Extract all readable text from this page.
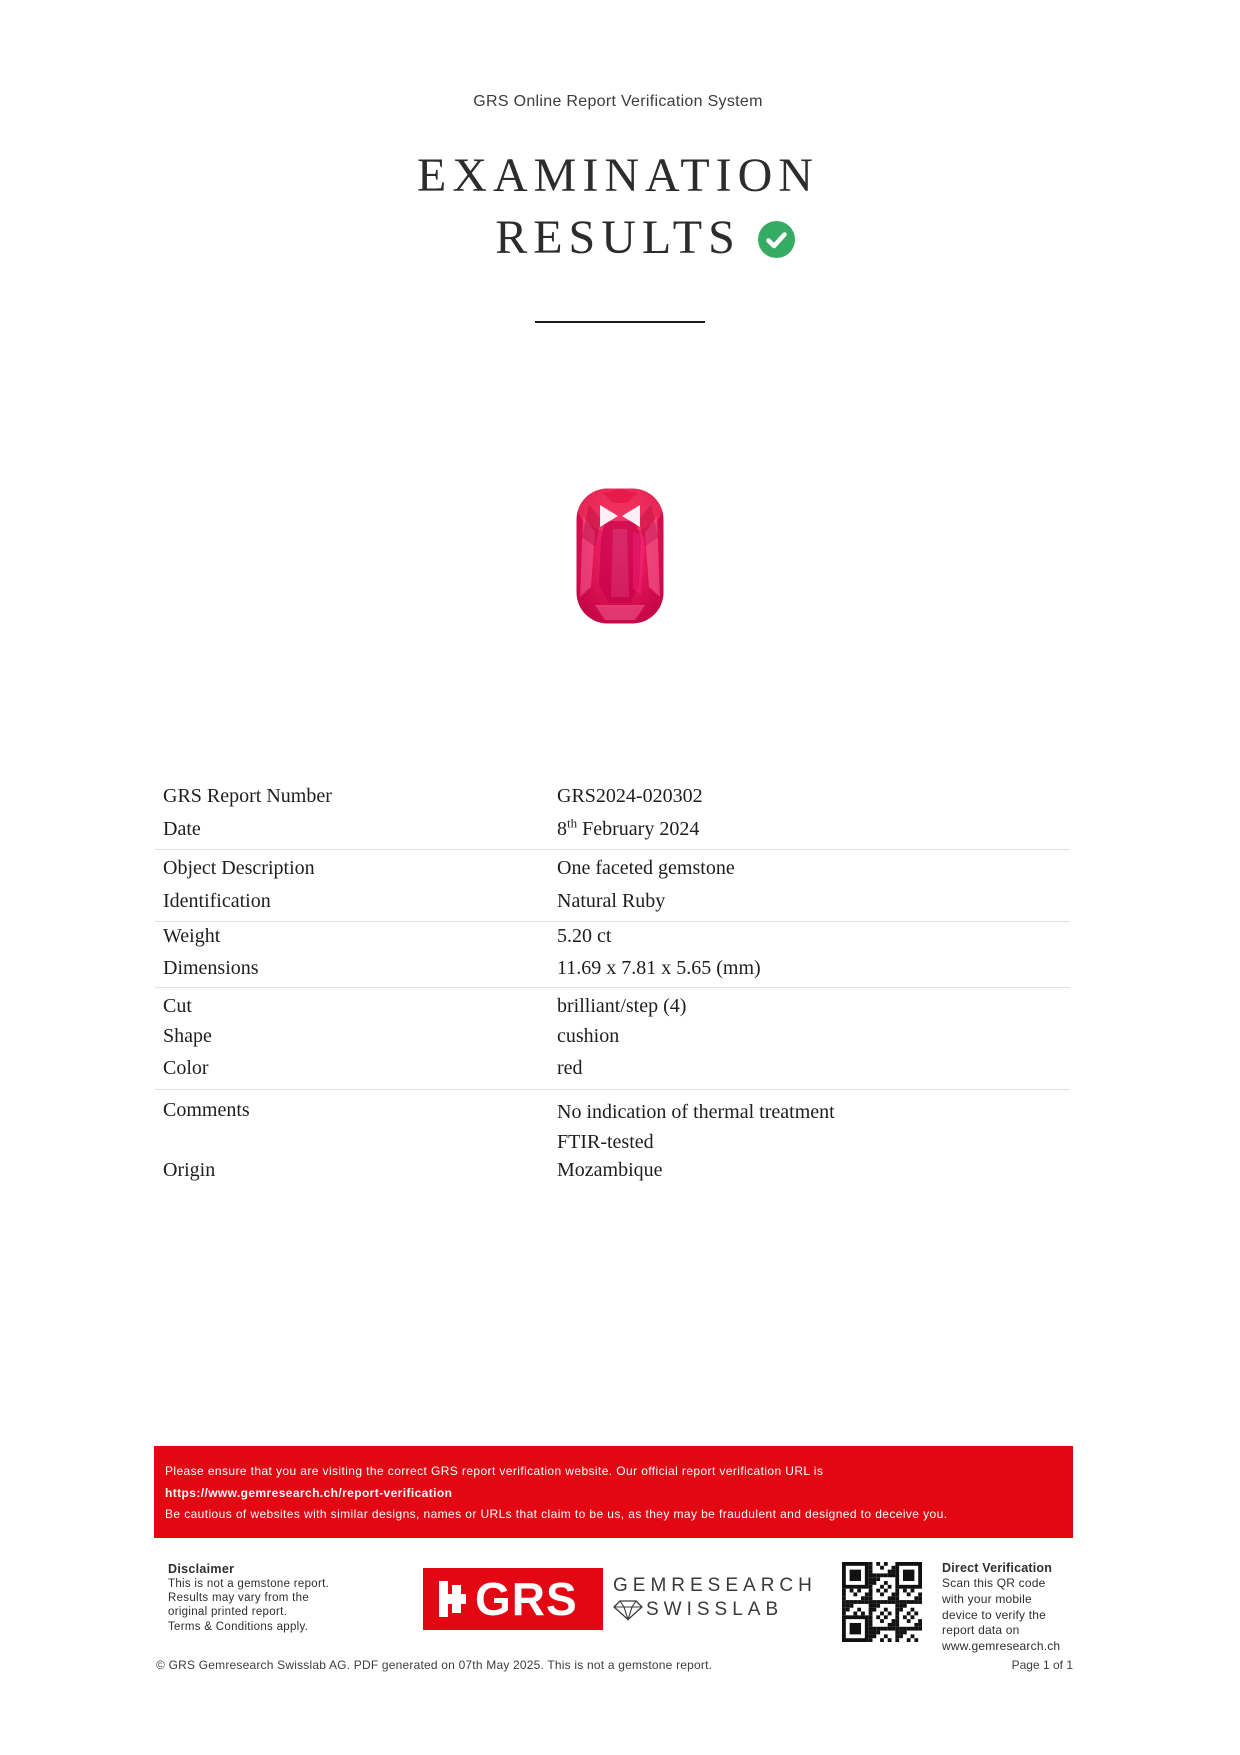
GRS Online Report Verification System
EXAMINATION
RESULTS
GRS Report Number	GRS2024-020302
Date	8th February 2024
Object Description	One faceted gemstone
Identification	Natural Ruby
Weight	5.20 ct
Dimensions	11.69 x 7.81 x 5.65 (mm)
Cut	brilliant/step (4)
Shape	cushion
Color	red
Comments	No indication of thermal treatment
FTIR-tested
Origin	Mozambique

Please ensure that you are visiting the correct GRS report verification website. Our official report verification URL is

https://www.gemresearch.ch/report-verification

Be cautious of websites with similar designs, names or URLs that claim to be us, as they may be fraudulent and designed to deceive you.

Disclaimer
This is not a gemstone report.
Results may vary from the
original printed report.
Terms & Conditions apply.
GRS GEMRESEARCH
SWISSLAB
Direct Verification
Scan this QR code
with your mobile
device to verify the
report data on
www.gemresearch.ch
© GRS Gemresearch Swisslab AG. PDF generated on 07th May 2025. This is not a gemstone report.	Page 1 of 1
